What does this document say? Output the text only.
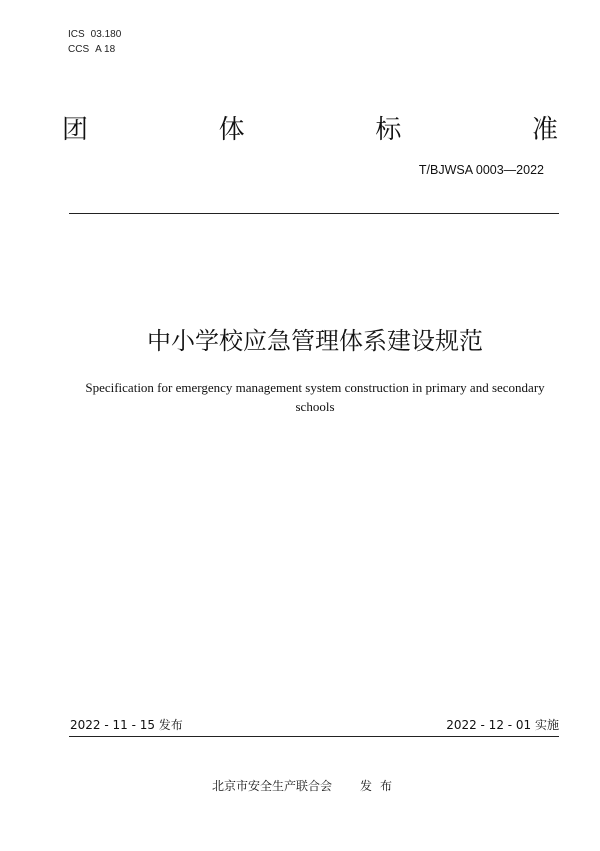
ICS 03.180
CCS A 18
团	体	标	准
T/BJWSA 0003—2022
中小学校应急管理体系建设规范
Specification for emergency management system construction in primary and secondary schools
2022 - 11 - 15 发布	2022 - 12 - 01 实施
北京市安全生产联合会 发布
